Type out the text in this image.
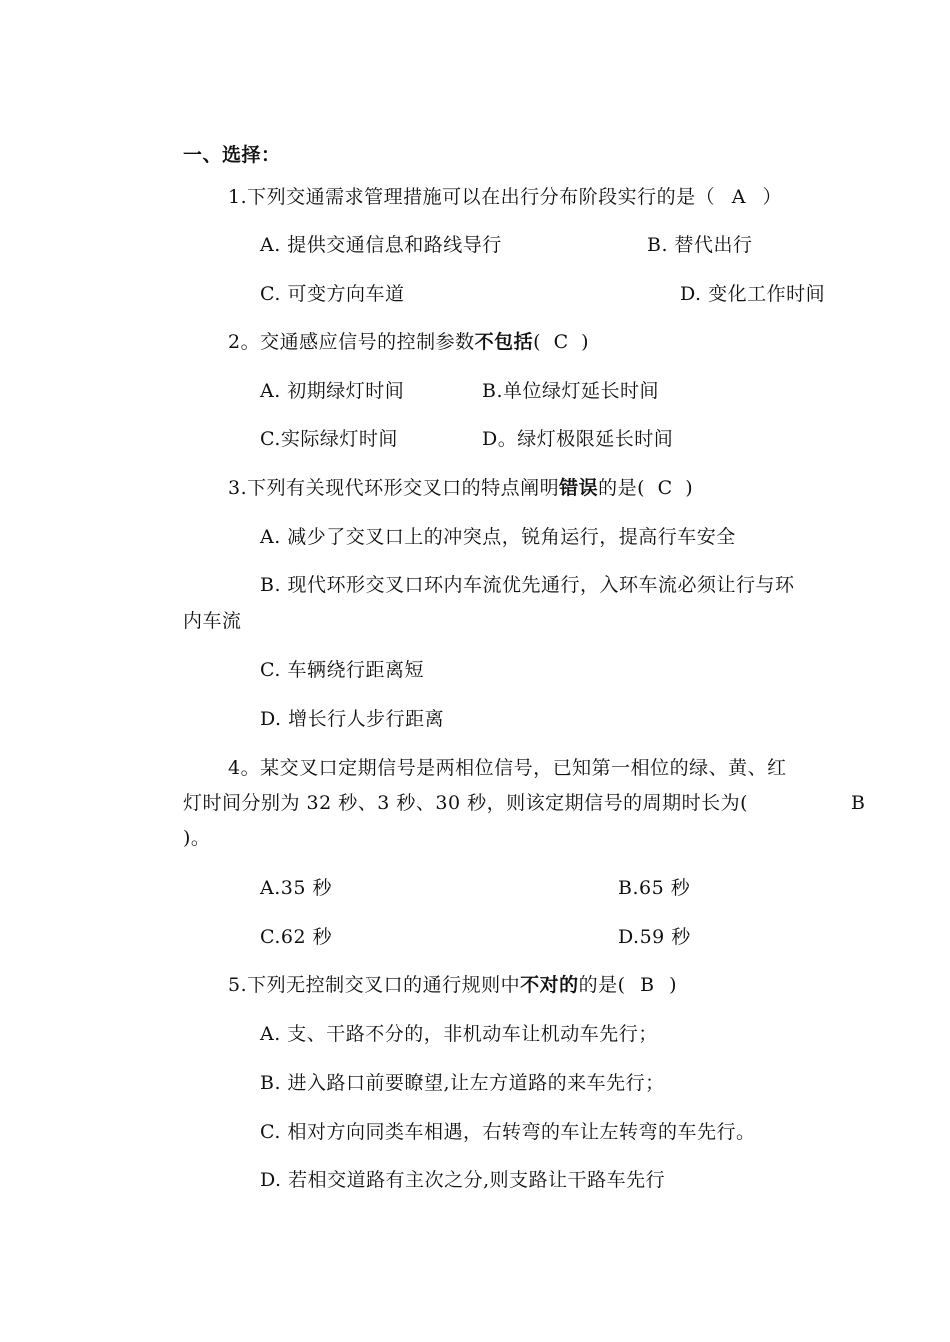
一、选择：
1.下列交通需求管理措施可以在出行分布阶段实行的是（ A ）
A. 提供交通信息和路线导行	B. 替代出行
C. 可变方向车道	D. 变化工作时间
2。交通感应信号的控制参数不包括( C )
A. 初期绿灯时间	B.单位绿灯延长时间
C.实际绿灯时间	D。绿灯极限延长时间
3.下列有关现代环形交叉口的特点阐明错误的是( C )
A. 减少了交叉口上的冲突点，锐角运行，提高行车安全
B. 现代环形交叉口环内车流优先通行，入环车流必须让行与环
内车流
C. 车辆绕行距离短
D. 增长行人步行距离
4。某交叉口定期信号是两相位信号，已知第一相位的绿、黄、红
灯时间分别为 32 秒、3 秒、30 秒，则该定期信号的周期时长为(	B
)。
A.35 秒	B.65 秒
C.62 秒	D.59 秒
5.下列无控制交叉口的通行规则中不对的的是( B )
A. 支、干路不分的，非机动车让机动车先行；
B. 进入路口前要瞭望,让左方道路的来车先行；
C. 相对方向同类车相遇，右转弯的车让左转弯的车先行。
D. 若相交道路有主次之分,则支路让干路车先行
